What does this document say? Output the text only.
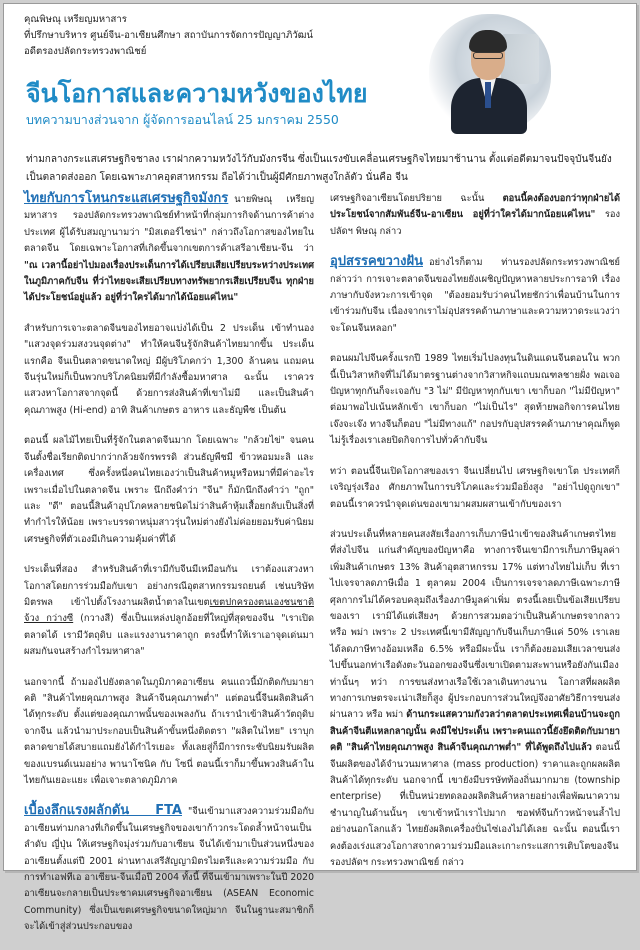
คุณพิษณุ เหรียญมหาสาร
ที่ปรึกษาบริหาร ศูนย์จีน-อาเซียนศึกษา สถาบันการจัดการปัญญาภิวัฒน์
อดีตรองปลัดกระทรวงพาณิชย์
จีนโอกาสและความหวังของไทย
บทความบางส่วนจาก ผู้จัดการออนไลน์ 25 มกราคม 2550
ท่ามกลางกระแสเศรษฐกิจชาลง เราฝากความหวังไว้กับมังกรจีน ซึ่งเป็นแรงขับเคลื่อนเศรษฐกิจไทยมาช้านาน ตั้งแต่อดีตมาจนปัจจุบันจีนยังเป็นตลาดส่งออก โดยเฉพาะภาคอุตสาหกรรม ถือได้ว่าเป็นผู้มีศักยภาพสูงใกล้ตัว นั่นคือ จีน

ไทยกับการโหนกระแสเศรษฐกิจมังกร นายพิษณุ เหรียญมหาสาร รองปลัดกระทรวงพาณิชย์ทำหน้าที่กลุ่มการกิจด้านการค้าต่างประเทศ ผู้ได้รับสมญานามว่า "มิสเตอร์ไชน่า" กล่าวถึงโอกาสของไทยในตลาดจีน โดยเฉพาะโอกาสที่เกิดขึ้นจากเขตการค้าเสรีอาเซียน-จีน ว่า "ณ เวลานี้อย่าไปมองเรื่องประเด็นการได้เปรียบเสียเปรียบระหว่างประเทศในภูมิภาคกับจีน ที่ว่าไทยจะเสียเปรียบทางทรัพยากรเสียเปรียบจีน ทุกฝ่ายได้ประโยชน์อยู่แล้ว อยู่ที่ว่าใครได้มากได้น้อยแค่ไหน"

สำหรับการเจาะตลาดจีนของไทยอาจแบ่งได้เป็น 2 ประเด็น เข้าทำนอง "แสวงจุดร่วมสงวนจุดต่าง" ทำให้คนจีนรู้จักสินค้าไทยมากขึ้น ประเด็นแรกคือ จีนเป็นตลาดขนาดใหญ่ มีผู้บริโภคกว่า 1,300 ล้านคน แถมคนจีนรุ่นใหม่ก็เป็นพวกบริโภคนิยมที่มีกำลังซื้อมหาศาล ฉะนั้น เราควรแสวงหาโอกาสจากจุดนี้ ด้วยการส่งสินค้าที่เขาไม่มี และเป็นสินค้าคุณภาพสูง (Hi-end) อาทิ สินค้าเกษตร อาหาร และธัญพืช เป็นต้น

ตอนนี้ ผลไม้ไทยเป็นที่รู้จักในตลาดจีนมาก โดยเฉพาะ "กล้วยไข่" จนคนจีนตั้งชื่อเรียกติดปากว่ากล้วยจักรพรรดิ ส่วนธัญพืชมี ข้าวหอมมะลิ และเครื่องเทศ ซึ่งครั้งหนึ่งคนไทยเองว่าเป็นสินค้าหมูหรือหมาที่มีค่าอะไรเพราะเมื่อไปในตลาดจีน เพราะ นึกถึงคำว่า "จีน" ก็มักนึกถึงคำว่า "ถูก" และ "ดี" ตอนนี้สินค้าอุปโภคหลายชนิดไม่ว่าสินค้าหุ้มเสื้อยกลับเป็นสิ่งที่ทำกำไรให้น้อย เพราะบรรดาหนุ่มสาวรุ่นใหม่ต่างยังไม่ค่อยยอมรับค่านิยมเศรษฐกิจที่ตัวเองมีเกินความคุ้มค่าที่ได้

ประเด็นที่สอง สำหรับสินค้าที่เรามีกับจีนมีเหมือนกัน เราต้องแสวงหาโอกาสโดยการร่วมมือกับเขา อย่างกรณีอุตสาหกรรมรถยนต์ เช่นบริษัทมิตรพล เข้าไปตั้งโรงงานผลิตน้ำตาลในเขตเขตปกครองตนเองชนชาติจ้วง กว่างซี (กวางสี) ซึ่งเป็นแหล่งปลูกอ้อยที่ใหญ่ที่สุดของจีน "เราเปิดตลาดได้ เรามีวัตถุดิบ และแรงงานราคาถูก ตรงนี้ทำให้เราเอาจุดเด่นมาผสมกันจนสร้างกำไรมหาศาล"

นอกจากนี้ ถ้ามองไปยังตลาดในภูมิภาคอาเซียน คนแถวนี้มักติดกับมายาคติ "สินค้าไทยคุณภาพสูง สินค้าจีนคุณภาพต่ำ" แต่ตอนนี้จีนผลิตสินค้าได้ทุกระดับ ตั้งแต่ของคุณภาพนั้นของเพลงกัน ถ้าเรานำเข้าสินค้าวัตถุดิบจากจีน แล้วนำมาประกอบเป็นสินค้าขั้นหนึ่งติดตรา "ผลิตในไทย" เราบุกตลาดขายได้สบายแถมยังได้กำไรเยอะ ทั้งเลยสู่ก็มีการกระชับนิยมรับผลิตของแบรนด์เนมอย่าง พานาโซนิค กับ โซนี่ ตอนนี้เราก็มาขึ้นพวงสินค้าในไทยกันเยอะแยะ เพื่อเจาะตลาดภูมิภาค

เบื้องลึกแรงผลักดัน FTA "จีนเข้ามาแสวงความร่วมมือกับอาเซียนท่ามกลางที่เกิดขึ้นในเศรษฐกิจของเขาก้าวกระโดดล้ำหน้าจนเป็นลำดับ ญี่ปุ่น ให้เศรษฐกิจมุ่งร่วมกับอาเซียน จีนได้เข้ามาเป็นส่วนหนึ่งของอาเซียนตั้งแต่ปี 2001 ผ่านทางเสรีสัญญามิตรไมตรีและความร่วมมือ กับการทำเอฟทีเอ อาเซียน-จีนเมื่อปี 2004 ทั้งนี้ ที่จีนเข้ามาเพราะในปี 2020 อาเซียนจะกลายเป็นประชาคมเศรษฐกิจอาเซียน (ASEAN Economic Community) ซึ่งเป็นเขตเศรษฐกิจขนาดใหญ่มาก จีนในฐานะสมาชิกก็จะได้เข้าสู่ส่วนประกอบของ

เศรษฐกิจอาเซียนโดยปริยาย ฉะนั้น ตอนนี้คงต้องบอกว่าทุกฝ่ายได้ประโยชน์จากสัมพันธ์จีน-อาเซียน อยู่ที่ว่าใครได้มากน้อยแค่ไหน" รองปลัดฯ พิษณุ กล่าว

อุปสรรคขวางฝัน อย่างไรก็ตาม ท่านรองปลัดกระทรวงพาณิชย์ กล่าวว่า การเจาะตลาดจีนของไทยยังเผชิญปัญหาหลายประการอาทิ เรื่องภาษากับจังหวะการเข้าจุด "ต้องยอมรับว่าคนไทยชักว่าเพื่อนบ้านในการเข้าร่วมกับจีน เนื่องจากเราไม่อุปสรรคด้านภาษาและความหวาดระแวงว่าจะโดนจีนหลอก"

ตอนผมไปจีนครั้งแรกปี 1989 ไทยเริ่มไปลงทุนในดินแดนจีนตอนใน พวกนี้เป็นวิสาหกิจที่ไม่ได้มาตรฐานต่างจากวิสาหกิจแถบมณฑลชายฝั่ง พอเจอปัญหาทุกกันก็จะเจอกับ "3 ไม่" มีปัญหาทุกกับเขา เขาก็บอก "ไม่มีปัญหา" ต่อมาพอไปเน้นหลักเข้า เขาก็บอก "ไม่เป็นไร" สุดท้ายพอกิจการคนไทยเจ๊งจะเจ๊ง ทางจีนก็ตอบ "ไม่มีทางแก้" กอปรกับอุปสรรคด้านภาษาคุณก็พูดไม่รู้เรื่องเราเลยปิดกิจการไปทั่วค้ากับจีน

ทว่า ตอนนี้จีนเปิดโอกาสของเรา จีนเปลี่ยนไป เศรษฐกิจเขาโต ประเทศก็เจริญรุ่งเรือง ศักยภาพในการบริโภคและร่วมมือยิ่งสูง "อย่าไปดูถูกเขา" ตอนนี้เราควรนำจุดเด่นของเขามาผสมผสานเข้ากับของเรา

ส่วนประเด็นที่หลายคนสงสัยเรื่องการเก็บภาษีนำเข้าของสินค้าเกษตรไทยที่ส่งไปจีน แก่นสำคัญของปัญหาคือ ทางการจีนเขามีการเก็บภาษีมูลค่าเพิ่มสินค้าเกษตร 13% สินค้าอุตสาหกรรม 17% แต่ทางไทยไม่เก็บ ที่เราไปเจรจาลดภาษีเมื่อ 1 ตุลาคม 2004 เป็นการเจรจาลดภาษีเฉพาะภาษีศุลกากรไม่ได้ครอบคลุมถึงเรื่องภาษีมูลค่าเพิ่ม ตรงนี้เลยเป็นข้อเสียเปรียบของเรา เรามิได้แต่เสียงๆ ด้วยการสวมตอว่าเป็นสินค้าเกษตรจากลาว หรือ พม่า เพราะ 2 ประเทศนี้เขามีสัญญากับจีนเก็บภาษีแค่ 50% เราเลยได้ลดภาษีทางอ้อมเหลือ 6.5% หรือมีผะนั้น เราก็ต้องยอมเสียเวลาขนส่งไปขึ้นนอกท่าเรือดังตะวันออกของจีนซึ่งเขาเปิดตามสะพานหรือยังกันเมืองท่านั้นๆ ทว่า การขนส่งทางเรือใช้เวลาเดินทางนาน โอกาสที่ผลผลิตทางการเกษตรจะเน่าเสียก็สูง ผู้ประกอบการส่วนใหญ่จึงอาศัยวิธีการขนส่งผ่านลาว หรือ พม่า ด้านกระแสความกังวลว่าตลาดประเทศเพื่อนบ้านจะถูกสินค้าจีนตีแหลกลาญนั้น คงมีใช่ประเด็น เพราะคนแถวนี้ยังยึดติดกับมายาคติ "สินค้าไทยคุณภาพสูง สินค้าจีนคุณภาพต่ำ" ที่ได้พูดถึงไปแล้ว ตอนนี้จีนผลิตของได้จำนวนมหาศาล (mass production) ราคาและถูกผลผลิตสินค้าได้ทุกระดับ นอกจากนี้ เขายังมีบรรษัทท้องถิ่นมากมาย (township enterprise) ที่เป็นหน่วยทดลองผลิตสินค้าหลายอย่างเพื่อพัฒนาความชำนาญในด้านนั้นๆ เขาเข้าหน้าเราไปมาก ซอฟท์จีนก้าวหน้าจนล้ำไปอย่างนอกโลกแล้ว ไทยยังผลิตเครื่องปั่นไซ่เองไม่ได้เลย ฉะนั้น ตอนนี้เราคงต้องเร่งแสวงโอกาสจากความร่วมมือและเกาะกระแสการเติบโตของจีน รองปลัดฯ กระทรวงพาณิชย์ กล่าว
